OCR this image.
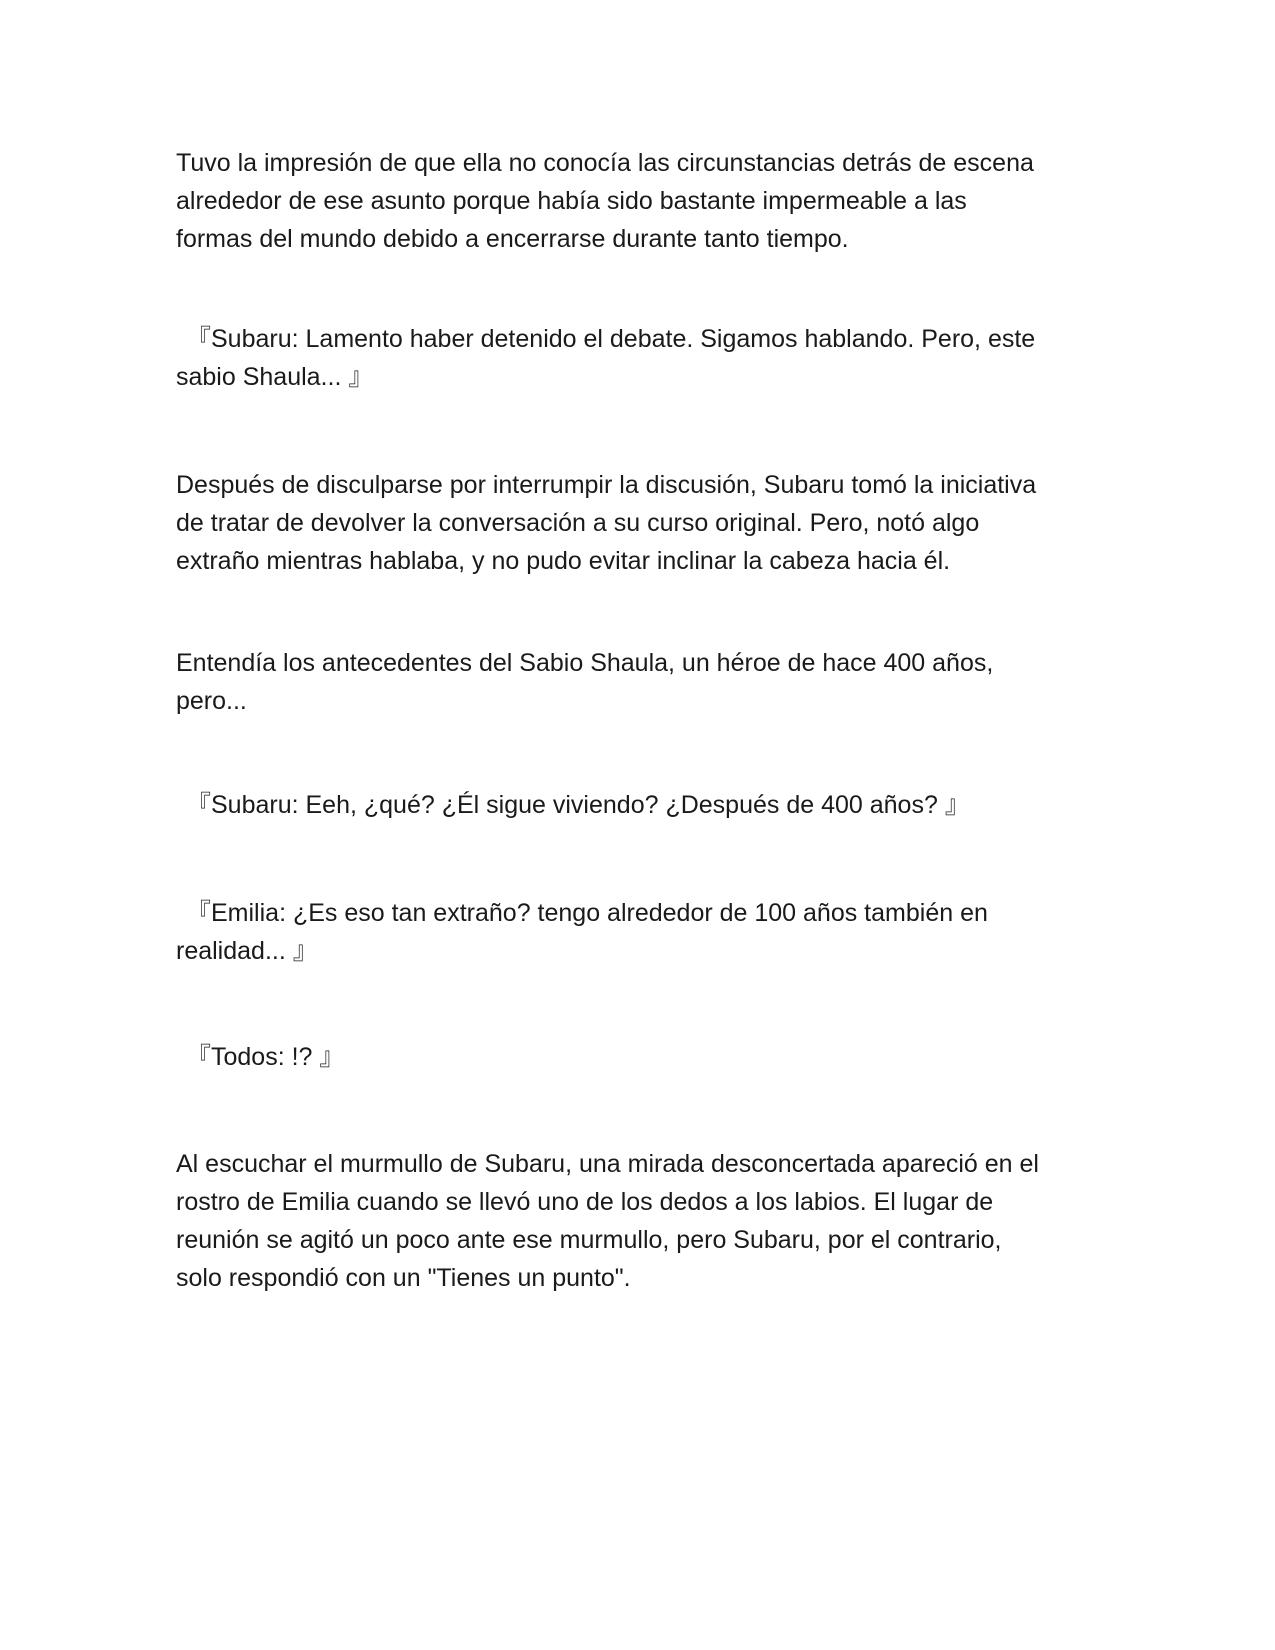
Tuvo la impresión de que ella no conocía las circunstancias detrás de escena
alrededor de ese asunto porque había sido bastante impermeable a las
formas del mundo debido a encerrarse durante tanto tiempo.

『Subaru: Lamento haber detenido el debate. Sigamos hablando. Pero, este
sabio Shaula... 』

Después de disculparse por interrumpir la discusión, Subaru tomó la iniciativa
de tratar de devolver la conversación a su curso original. Pero, notó algo
extraño mientras hablaba, y no pudo evitar inclinar la cabeza hacia él.

Entendía los antecedentes del Sabio Shaula, un héroe de hace 400 años,
pero...

『Subaru: Eeh, ¿qué? ¿Él sigue viviendo? ¿Después de 400 años? 』

『Emilia: ¿Es eso tan extraño? tengo alrededor de 100 años también en
realidad... 』

『Todos: !? 』

Al escuchar el murmullo de Subaru, una mirada desconcertada apareció en el
rostro de Emilia cuando se llevó uno de los dedos a los labios. El lugar de
reunión se agitó un poco ante ese murmullo, pero Subaru, por el contrario,
solo respondió con un "Tienes un punto".
